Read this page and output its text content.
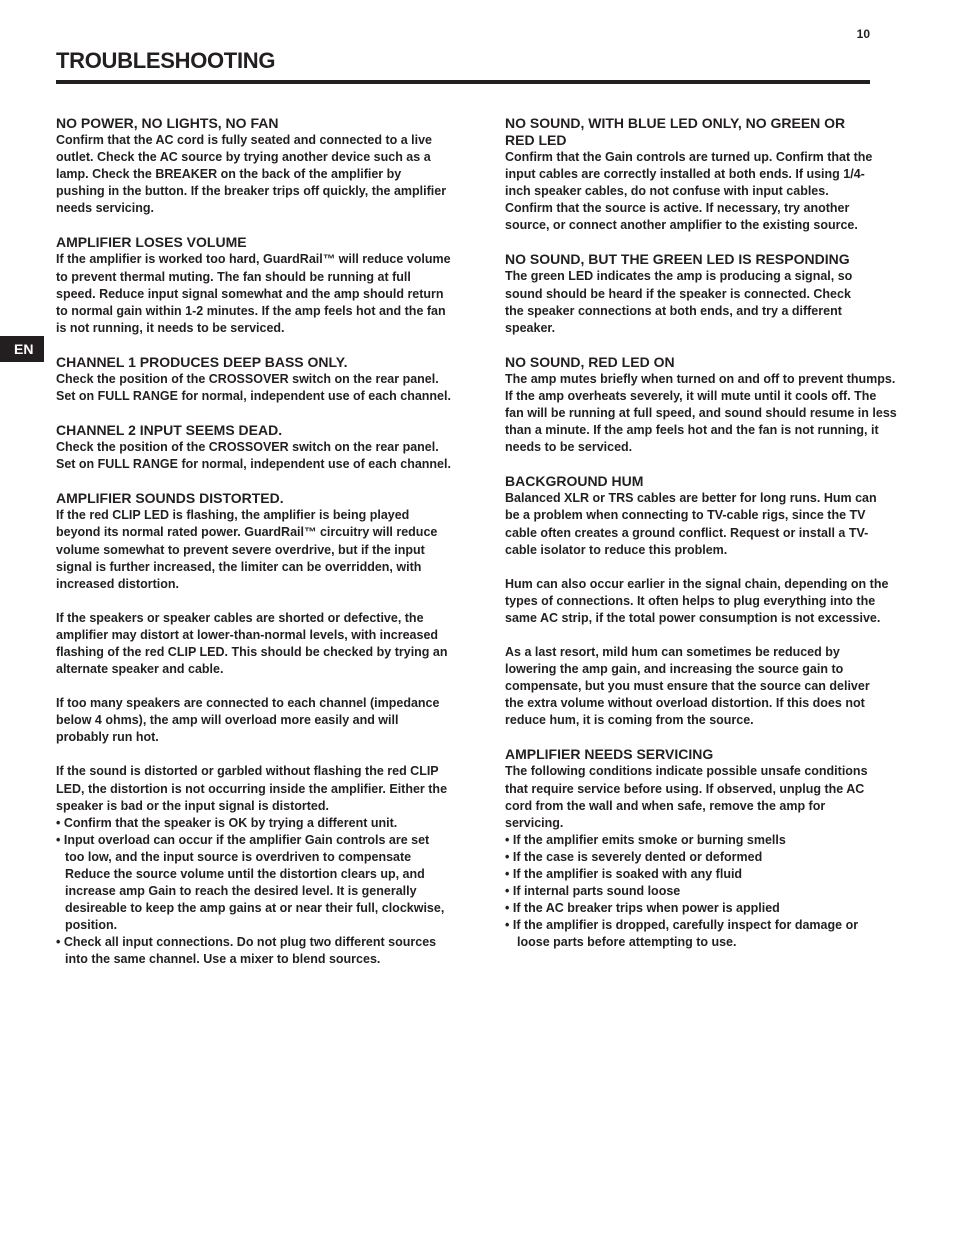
10
TROUBLESHOOTING
EN
NO POWER, NO LIGHTS, NO FAN

Confirm that the AC cord is fully seated and connected to a live outlet. Check the AC source by trying another device such as a lamp. Check the BREAKER on the back of the amplifier by pushing in the button. If the breaker trips off quickly, the amplifier needs servicing.

AMPLIFIER LOSES VOLUME

If the amplifier is worked too hard, GuardRail™ will reduce volume to prevent thermal muting. The fan should be running at full speed. Reduce input signal somewhat and the amp should return to normal gain within 1-2 minutes. If the amp feels hot and the fan is not running, it needs to be serviced.

CHANNEL 1 PRODUCES DEEP BASS ONLY.

Check the position of the CROSSOVER switch on the rear panel. Set on FULL RANGE for normal, independent use of each channel.

CHANNEL 2 INPUT SEEMS DEAD.

Check the position of the CROSSOVER switch on the rear panel. Set on FULL RANGE for normal, independent use of each channel.

AMPLIFIER SOUNDS DISTORTED.

If the red CLIP LED is flashing, the amplifier is being played beyond its normal rated power. GuardRail™ circuitry will reduce volume somewhat to prevent severe overdrive, but if the input signal is further increased, the limiter can be overridden, with increased distortion.

If the speakers or speaker cables are shorted or defective, the amplifier may distort at lower-than-normal levels, with increased flashing of the red CLIP LED. This should be checked by trying an alternate speaker and cable.

If too many speakers are connected to each channel (impedance below 4 ohms), the amp will overload more easily and will probably run hot.

If the sound is distorted or garbled without flashing the red CLIP LED, the distortion is not occurring inside the amplifier. Either the speaker is bad or the input signal is distorted.
• Confirm that the speaker is OK by trying a different unit.
• Input overload can occur if the amplifier Gain controls are set too low, and the input source is overdriven to compensate Reduce the source volume until the distortion clears up, and increase amp Gain to reach the desired level. It is generally desireable to keep the amp gains at or near their full, clockwise, position.
• Check all input connections. Do not plug two different sources into the same channel. Use a mixer to blend sources.
NO SOUND, WITH BLUE LED ONLY, NO GREEN OR RED LED

Confirm that the Gain controls are turned up. Confirm that the input cables are correctly installed at both ends. If using 1/4-inch speaker cables, do not confuse with input cables. Confirm that the source is active. If necessary, try another source, or connect another amplifier to the existing source.

NO SOUND, BUT THE GREEN LED IS RESPONDING

The green LED indicates the amp is producing a signal, so sound should be heard if the speaker is connected. Check the speaker connections at both ends, and try a different speaker.

NO SOUND, RED LED ON

The amp mutes briefly when turned on and off to prevent thumps. If the amp overheats severely, it will mute until it cools off. The fan will be running at full speed, and sound should resume in less than a minute. If the amp feels hot and the fan is not running, it needs to be serviced.

BACKGROUND HUM

Balanced XLR or TRS cables are better for long runs. Hum can be a problem when connecting to TV-cable rigs, since the TV cable often creates a ground conflict. Request or install a TV-cable isolator to reduce this problem.

Hum can also occur earlier in the signal chain, depending on the types of connections. It often helps to plug everything into the same AC strip, if the total power consumption is not excessive.

As a last resort, mild hum can sometimes be reduced by lowering the amp gain, and increasing the source gain to compensate, but you must ensure that the source can deliver the extra volume without overload distortion. If this does not reduce hum, it is coming from the source.

AMPLIFIER NEEDS SERVICING
The following conditions indicate possible unsafe conditions that require service before using. If observed, unplug the AC cord from the wall and when safe, remove the amp for servicing.
• If the amplifier emits smoke or burning smells
• If the case is severely dented or deformed
• If the amplifier is soaked with any fluid
• If internal parts sound loose
• If the AC breaker trips when power is applied
• If the amplifier is dropped, carefully inspect for damage or loose parts before attempting to use.
